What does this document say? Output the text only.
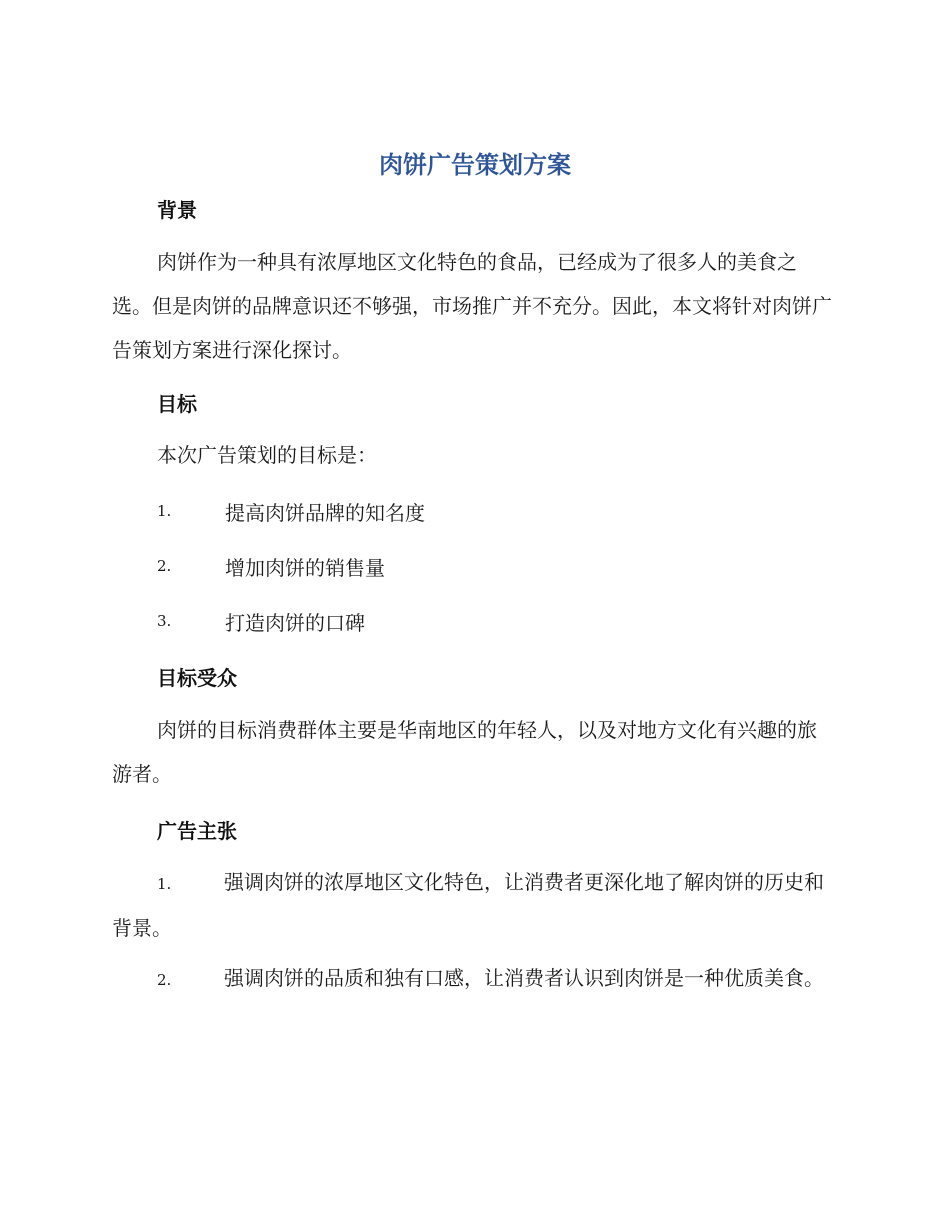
肉饼广告策划方案
背景

肉饼作为一种具有浓厚地区文化特色的食品，已经成为了很多人的美食之选。但是肉饼的品牌意识还不够强，市场推广并不充分。因此，本文将针对肉饼广告策划方案进行深化探讨。

目标

本次广告策划的目标是：

1.	提高肉饼品牌的知名度
2.	增加肉饼的销售量
3.	打造肉饼的口碑
目标受众

肉饼的目标消费群体主要是华南地区的年轻人，以及对地方文化有兴趣的旅游者。

广告主张

1.	强调肉饼的浓厚地区文化特色，让消费者更深化地了解肉饼的历史和背景。

2.	强调肉饼的品质和独有口感，让消费者认识到肉饼是一种优质美食。
